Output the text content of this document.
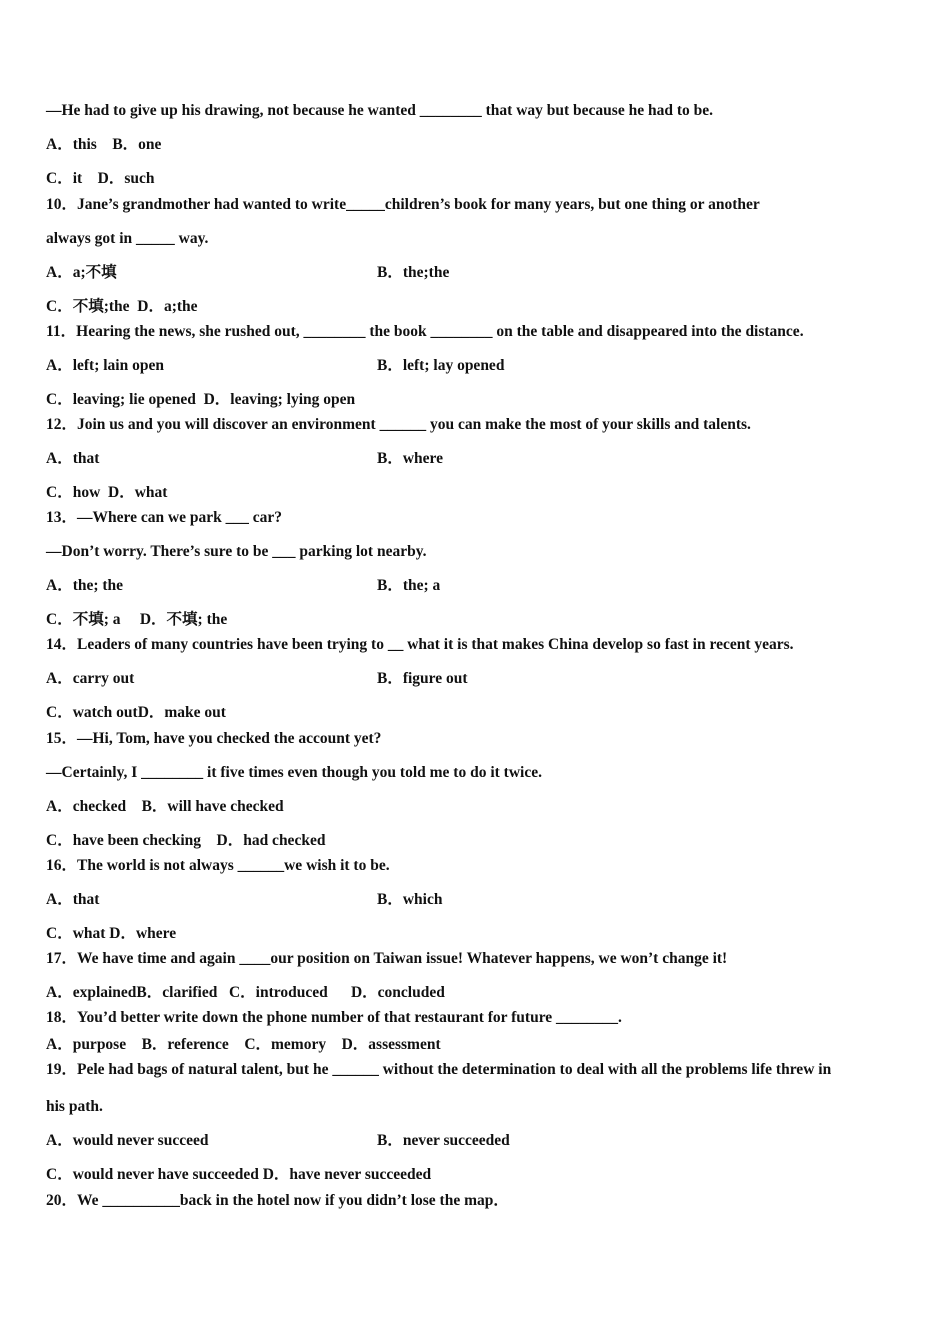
—He had to give up his drawing, not because he wanted ________ that way but because he had to be.
A．this    B．one
C．it    D．such
10．Jane’s grandmother had wanted to write_____children’s book for many years, but one thing or another
always got in _____ way.
A．a;不填	B．the;the
C．不填;the  D．a;the
11．Hearing the news, she rushed out, ________ the book ________ on the table and disappeared into the distance.
A．left; lain open	B．left; lay opened
C．leaving; lie opened  D．leaving; lying open
12．Join us and you will discover an environment ______ you can make the most of your skills and talents.
A．that	B．where
C．how  D．what
13．—Where can we park ___ car?
—Don’t worry. There’s sure to be ___ parking lot nearby.
A．the; the	B．the; a
C．不填; a     D．不填; the
14．Leaders of many countries have been trying to __ what it is that makes China develop so fast in recent years.
A．carry out	B．figure out
C．watch outD．make out
15．—Hi, Tom, have you checked the account yet?
—Certainly, I ________ it five times even though you told me to do it twice.
A．checked    B．will have checked
C．have been checking    D．had checked
16．The world is not always ______we wish it to be.
A．that	B．which
C．what D．where
17．We have time and again ____our position on Taiwan issue! Whatever happens, we won’t change it!
A．explainedB．clarified   C．introduced      D．concluded
18．You’d better write down the phone number of that restaurant for future ________.
A．purpose    B．reference    C．memory    D．assessment
19．Pele had bags of natural talent, but he ______ without the determination to deal with all the problems life threw in
his path.
A．would never succeed	B．never succeeded
C．would never have succeeded D．have never succeeded
20．We __________back in the hotel now if you didn’t lose the map．
